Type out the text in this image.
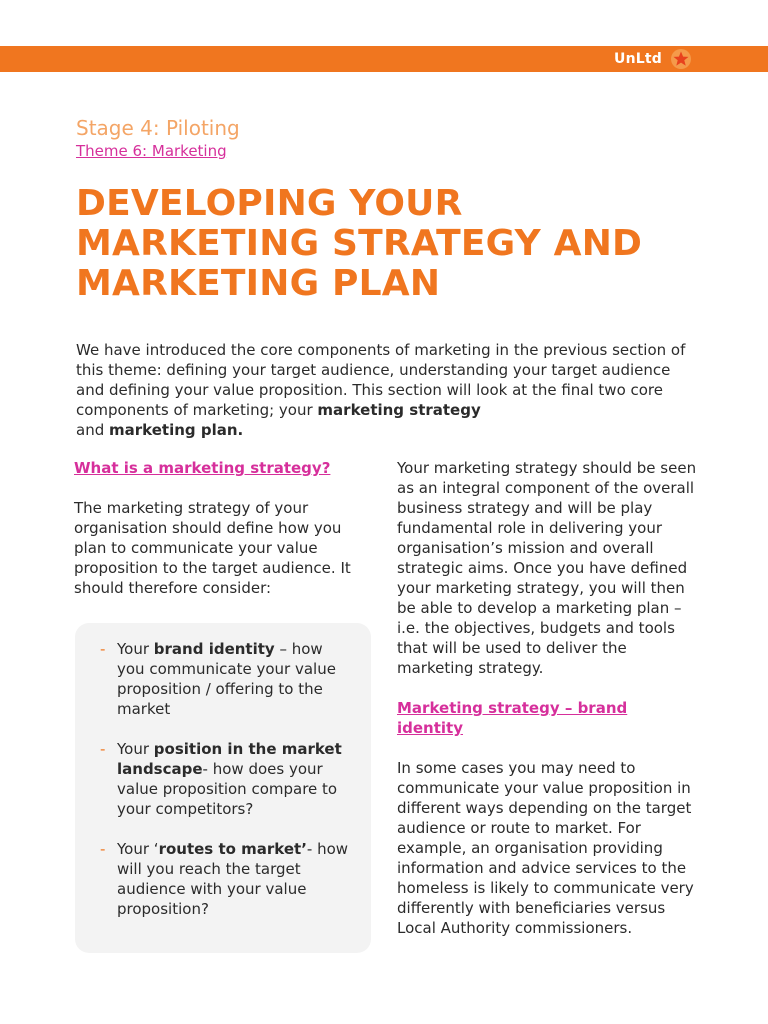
UnLtd
Stage 4: Piloting
Theme 6: Marketing
DEVELOPING YOUR
MARKETING STRATEGY AND
MARKETING PLAN

We have introduced the core components of marketing in the previous section of this theme: defining your target audience, understanding your target audience and defining your value proposition. This section will look at the final two core components of marketing; your marketing strategy
and marketing plan.

What is a marketing strategy?

The marketing strategy of your organisation should define how you plan to communicate your value proposition to the target audience. It should therefore consider:

- Your brand identity – how you communicate your value proposition / offering to the market
- Your position in the market landscape- how does your value proposition compare to your competitors?
- Your ‘routes to market’- how will you reach the target audience with your value proposition?

Your marketing strategy should be seen as an integral component of the overall business strategy and will be play fundamental role in delivering your organisation’s mission and overall strategic aims. Once you have defined your marketing strategy, you will then be able to develop a marketing plan – i.e. the objectives, budgets and tools that will be used to deliver the marketing strategy.

Marketing strategy – brand identity

In some cases you may need to communicate your value proposition in different ways depending on the target audience or route to market. For example, an organisation providing information and advice services to the homeless is likely to communicate very differently with beneficiaries versus Local Authority commissioners.
